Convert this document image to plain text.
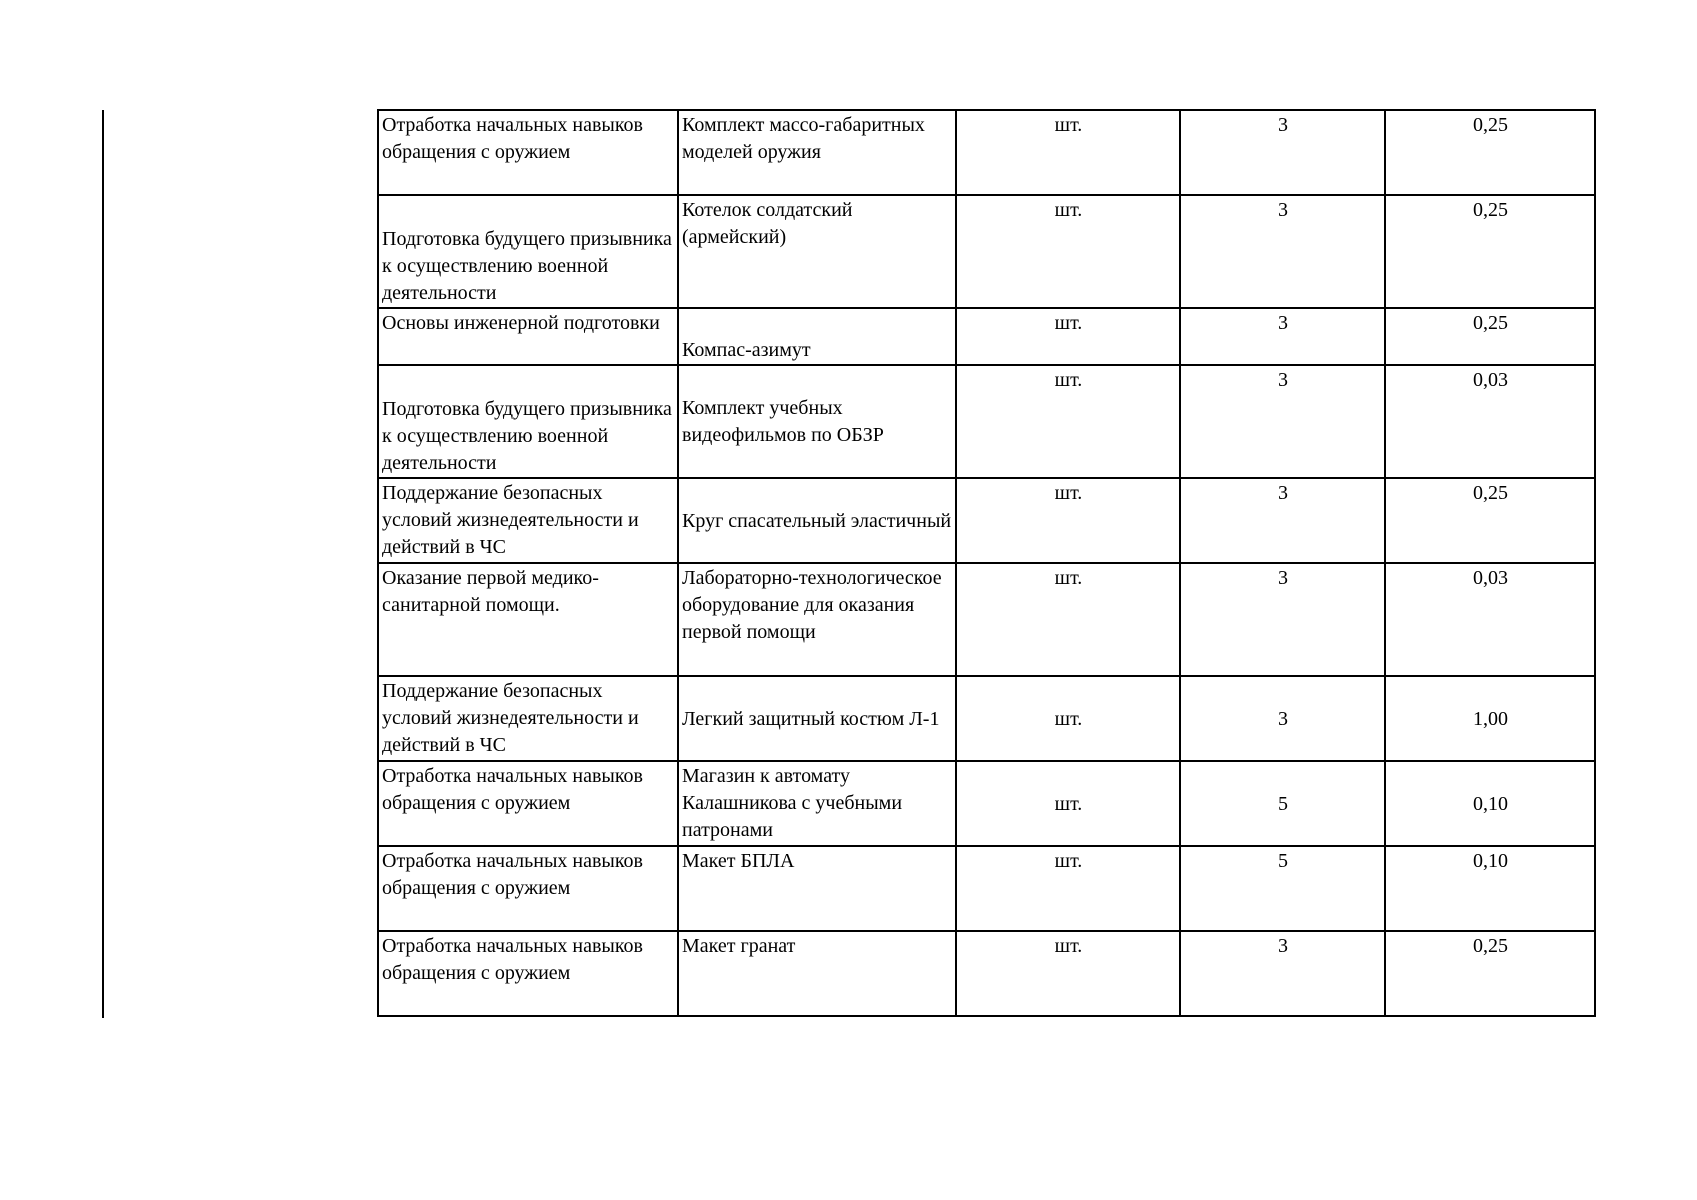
Отработка начальных навыков обращения с оружием	Комплект массо-габаритных моделей оружия	шт.	3	0,25
Подготовка будущего призывника к осуществлению военной деятельности	Котелок солдатский (армейский)	шт.	3	0,25
Основы инженерной подготовки	Компас-азимут	шт.	3	0,25
Подготовка будущего призывника к осуществлению военной деятельности	Комплект учебных видеофильмов по ОБЗР	шт.	3	0,03
Поддержание безопасных условий жизнедеятельности и действий в ЧС	Круг спасательный эластичный	шт.	3	0,25
Оказание первой медико-санитарной помощи.	Лабораторно-технологическое оборудование для оказания первой помощи	шт.	3	0,03
Поддержание безопасных условий жизнедеятельности и действий в ЧС	Легкий защитный костюм Л-1	шт.	3	1,00
Отработка начальных навыков обращения с оружием	Магазин к автомату Калашникова с учебными патронами	шт.	5	0,10
Отработка начальных навыков обращения с оружием	Макет БПЛА	шт.	5	0,10
Отработка начальных навыков обращения с оружием	Макет гранат	шт.	3	0,25
